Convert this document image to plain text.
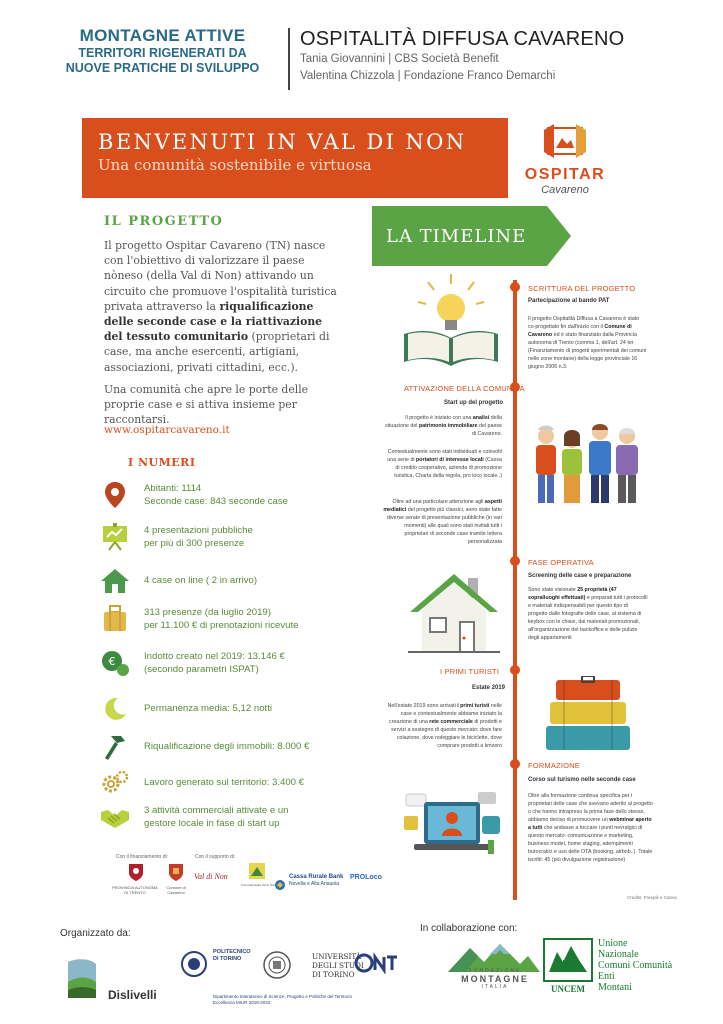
MONTAGNE ATTIVE
TERRITORI RIGENERATI DA
NUOVE PRATICHE DI SVILUPPO
OSPITALITÀ DIFFUSA CAVARENO
Tania Giovannini | CBS Società Benefit
Valentina Chizzola | Fondazione Franco Demarchi
BENVENUTI IN VAL DI NON
Una comunità sostenibile e virtuosa
OSPITAR
Cavareno
IL PROGETTO
Il progetto Ospitar Cavareno (TN) nasce con l'obiettivo di valorizzare il paese nòneso (della Val di Non) attivando un circuito che promuove l'ospitalità turistica privata attraverso la riqualificazione delle seconde case e la riattivazione del tessuto comunitario (proprietari di case, ma anche esercenti, artigiani, associazioni, privati cittadini, ecc.).
Una comunità che apre le porte delle proprie case e si attiva insieme per raccontarsi.
www.ospitarcavareno.it
I NUMERI
Abitanti: 1114
Seconde case: 843 seconde case
4 presentazioni pubbliche
per più di 300 presenze
4 case on line ( 2 in arrivo)
313 presenze (da luglio 2019)
per 11.100 € di prenotazioni ricevute
€	Indotto creato nel 2019: 13.146 €
(secondo parametri ISPAT)
Permanenza media: 5,12 notti
Riqualificazione degli immobili: 8.000 €
Lavoro generato sul territorio: 3.400 €
3 attività commerciali attivate e un
gestore locale in fase di start up
Con il finanziamento di:
PROVINCIA AUTONOMA DI TRENTO
Comune di Cavareno
Con il supporto di:
Val di Non
Comunità della Val di Non
Cassa Rurale Bank
Novella e Alta Anaunia
PROLoco
LA TIMELINE
SCRITTURA DEL PROGETTO
Partecipazione al bando PAT
Il progetto Ospitalità Diffusa a Cavareno è stato co-progettato fin dall'inizio con il Comune di Cavareno ed è stato finanziato dalla Provincia autonoma di Trento (comma 1, dell'art. 24 ter (Finanziamento di progetti sperimentali dei comuni nelle zone montane) della legge provinciale 16 giugno 2006 n.3.
ATTIVAZIONE DELLA COMUNITÀ
Start up del progetto
Il progetto è iniziato con una analisi della situazione del patrimonio immobiliare del paese di Cavareno.
Contestualmente sono stati individuati e coinvolti una serie di portatori di interesse locali (Cassa di credito cooperativo, azienda di promozione turistica, Charta della regola, pro loco locale..)
Oltre ad una particolare attenzione agli aspetti mediatici del progetto più classici, sono state fatte diverse serate di presentazione pubbliche (in vari momenti) alle quali sono stati invitati tutti i proprietari di seconde case tramite lettera personalizzata
FASE OPERATIVA
Screening delle case e preparazione
Sono state visionate 25 proprietà (47 sopralluoghi effettuati) e preparati tutti i protocolli e materiali indispensabili per questo tipo di progetto dalle fotografie delle case, al sistema di keybox con le chiavi, dai materiali promozionali, all'organizzazione del backoffice e delle pulizie degli appartamenti
I PRIMI TURISTI
Estate 2019
Nell'estate 2019 sono arrivati i primi turisti nelle case e contestualmente abbiamo iniziato la creazione di una rete commerciale di prodotti e servizi a sostegno di questo mercato: dove fare colazione, dove noleggiare le biciclette, dove comprare prodotti a kmzero
FORMAZIONE
Corso sul turismo nelle seconde case
Oltre alla formazione continua specifica per i proprietari delle case che avevano aderito al progetto o che hanno intrapreso la prima fase dello stesso, abbiamo deciso di promuovere un webminar aperto a tutti che andasse a toccare i punti nevralgici di questo mercato: comunicazione e marketing, business model, home staging, adempimenti burocratici e uso delle OTA (booking, airbnb..). Totale iscritti: 45 (più divulgazione registrazione)
Credits: Freepik e Canva
Organizzato da:	In collaborazione con:
Dislivelli
POLITECNICO
DI TORINO	UNIVERSITÀ
DEGLI STUDI
DI TORINO
Dipartimento Interateneo di Scienze, Progetto e Politiche del Territorio
Eccellenza MIUR 2018-2022
FONDAZIONE
MONTAGNE
ITALIA	UNCEM
Unione
Nazionale
Comuni Comunità
Enti
Montani
